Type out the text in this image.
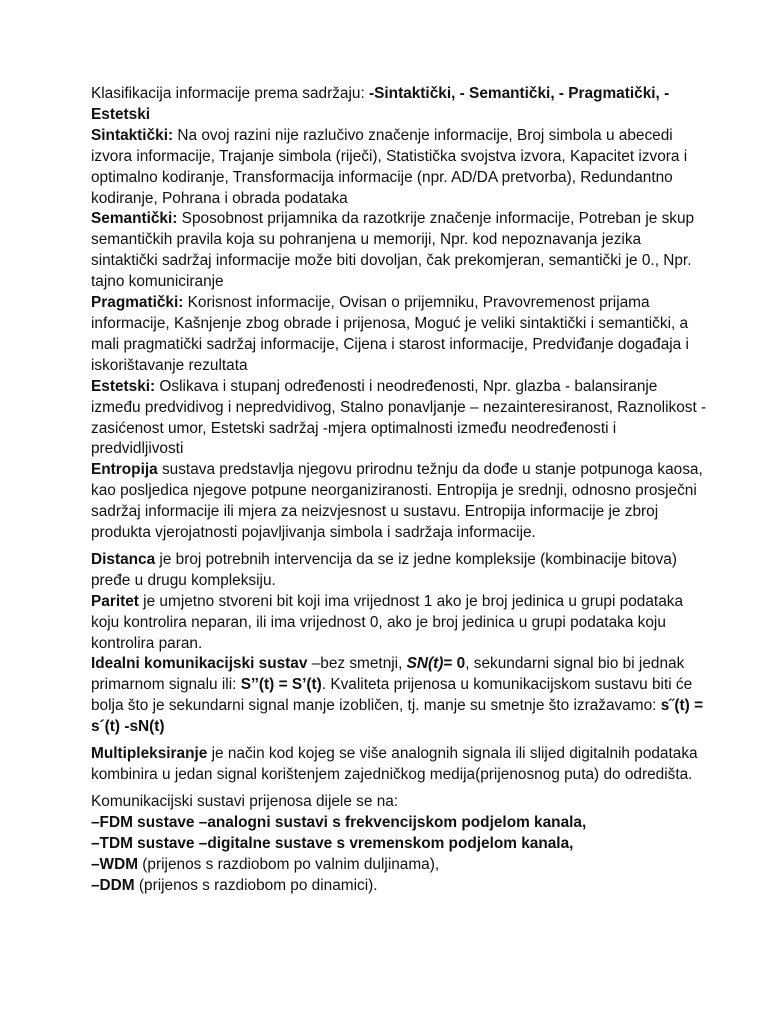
Klasifikacija informacije prema sadržaju: -Sintaktički, - Semantički, - Pragmatički, -Estetski

Sintaktički: Na ovoj razini nije razlučivo značenje informacije, Broj simbola u abecedi izvora informacije, Trajanje simbola (riječi), Statistička svojstva izvora, Kapacitet izvora i optimalno kodiranje, Transformacija informacije (npr. AD/DA pretvorba), Redundantno kodiranje, Pohrana i obrada podataka

Semantički: Sposobnost prijamnika da razotkrije značenje informacije, Potreban je skup semantičkih pravila koja su pohranjena u memoriji, Npr. kod nepoznavanja jezika sintaktički sadržaj informacije može biti dovoljan, čak prekomjeran, semantički je 0., Npr. tajno komuniciranje

Pragmatički: Korisnost informacije, Ovisan o prijemniku, Pravovremenost prijama informacije, Kašnjenje zbog obrade i prijenosa, Moguć je veliki sintaktički i semantički, a mali pragmatički sadržaj informacije, Cijena i starost informacije, Predviđanje događaja i iskorištavanje rezultata

Estetski: Oslikava i stupanj određenosti i neodređenosti, Npr. glazba - balansiranje između predvidivog i nepredvidivog, Stalno ponavljanje – nezainteresiranost, Raznolikost -zasićenost umor, Estetski sadržaj -mjera optimalnosti između neodređenosti i predvidljivosti

Entropija sustava predstavlja njegovu prirodnu težnju da dođe u stanje potpunoga kaosa, kao posljedica njegove potpune neorganiziranosti. Entropija je srednji, odnosno prosječni sadržaj informacije ili mjera za neizvjesnost u sustavu. Entropija informacije je zbroj produkta vjerojatnosti pojavljivanja simbola i sadržaja informacije.

Distanca je broj potrebnih intervencija da se iz jedne kompleksije (kombinacije bitova) pređe u drugu kompleksiju.

Paritet je umjetno stvoreni bit koji ima vrijednost 1 ako je broj jedinica u grupi podataka koju kontrolira neparan, ili ima vrijednost 0, ako je broj jedinica u grupi podataka koju kontrolira paran.

Idealni komunikacijski sustav –bez smetnji, SN(t)= 0, sekundarni signal bio bi jednak primarnom signalu ili: S’’(t) = S’(t). Kvaliteta prijenosa u komunikacijskom sustavu biti će bolja što je sekundarni signal manje izobličen, tj. manje su smetnje što izražavamo: s˝(t) = s´(t) -sN(t)

Multipleksiranje je način kod kojeg se više analognih signala ili slijed digitalnih podataka kombinira u jedan signal korištenjem zajedničkog medija(prijenosnog puta) do odredišta.

Komunikacijski sustavi prijenosa dijele se na:

–FDM sustave –analogni sustavi s frekvencijskom podjelom kanala,

–TDM sustave –digitalne sustave s vremenskom podjelom kanala,

–WDM (prijenos s razdiobom po valnim duljinama),

–DDM (prijenos s razdiobom po dinamici).
